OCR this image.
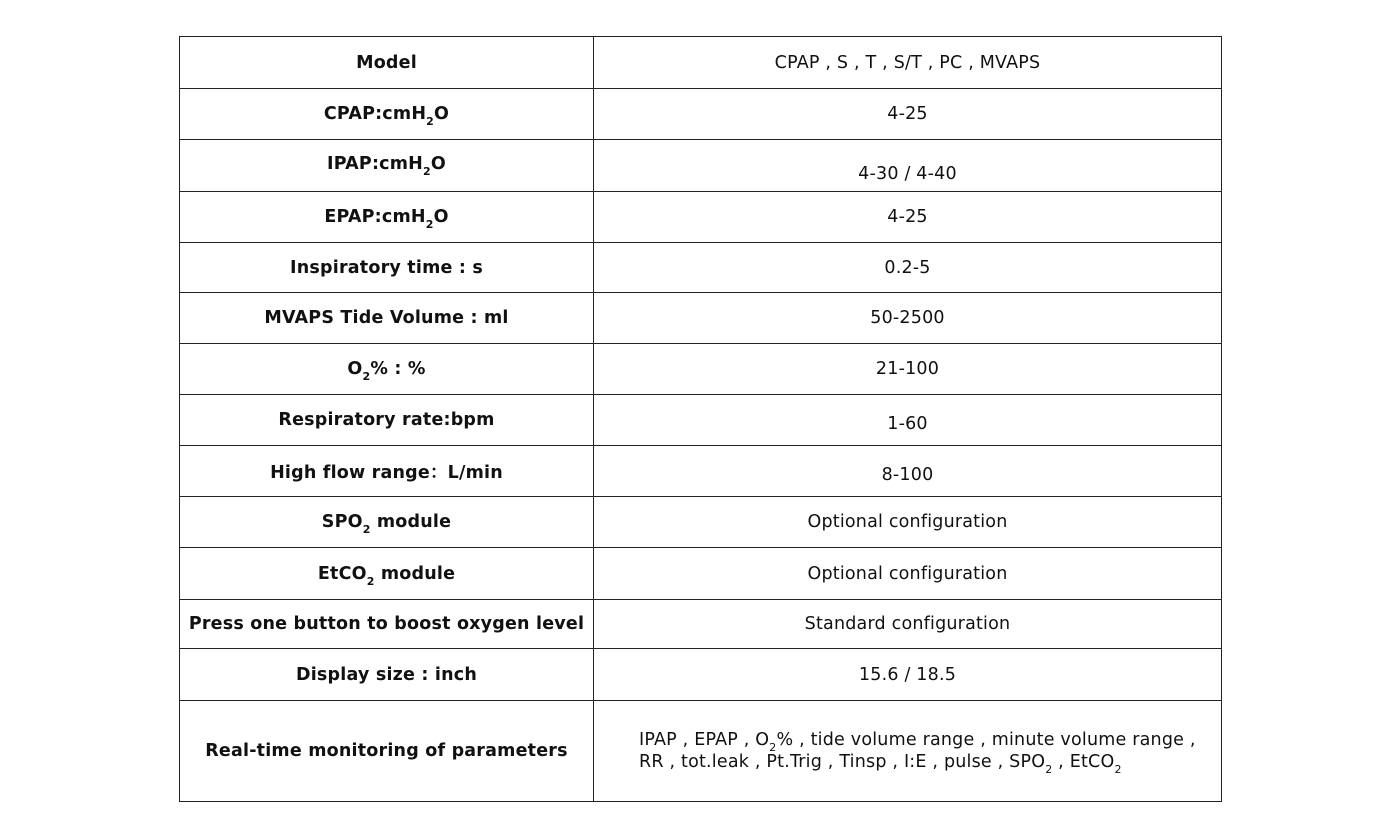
Model	CPAP , S , T , S/T , PC , MVAPS
CPAP:cmH$_2$O	4-25
IPAP:cmH$_2$O	4-30 / 4-40
EPAP:cmH$_2$O	4-25
Inspiratory time : s	0.2-5
MVAPS Tide Volume : ml	50-2500
$O_2\%$ : %	21-100
Respiratory rate:bpm	1-60
High flow range：L/min	8-100
$SPO_2$ module	Optional configuration
EtCO$_2$ module	Optional configuration
Press one button to boost oxygen level	Standard configuration
Display size : inch	15.6 / 18.5
Real-time monitoring of parameters	IPAP , EPAP , $O_2\%$ , tide volume range , minute volume range ,
RR , tot.leak , Pt.Trig , Tinsp , I:E , pulse , $SPO_2$ , EtCO$_2$
